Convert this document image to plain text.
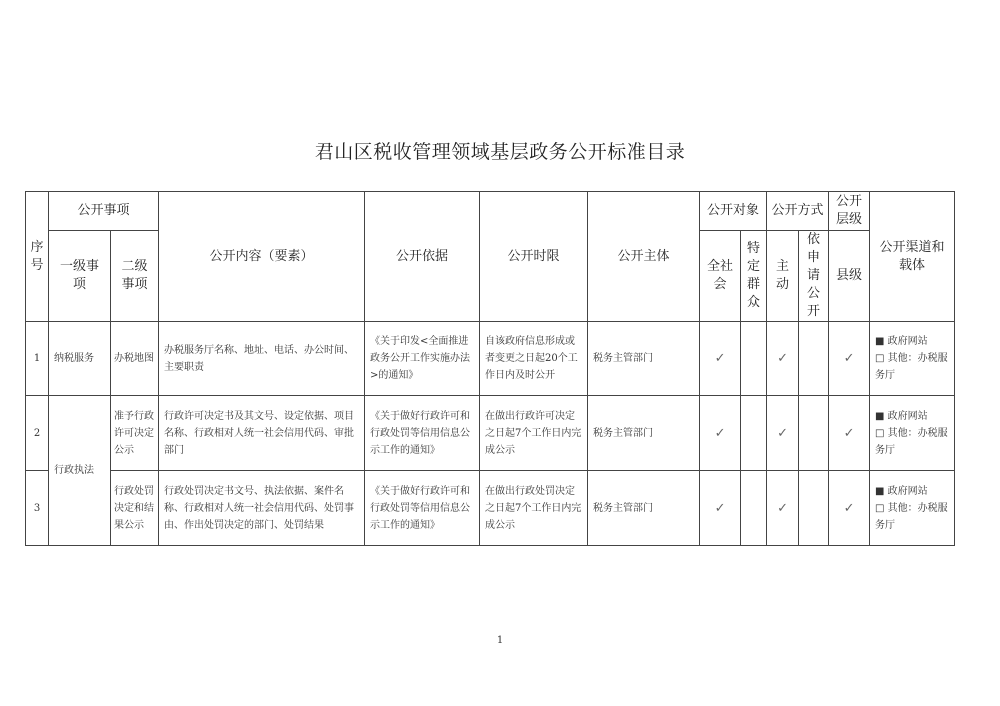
君山区税收管理领域基层政务公开标准目录
序号	公开事项		公开内容（要素）	公开依据	公开时限	公开主体	公开对象		公开方式		公开层级	公开渠道和载体
	一级事项	二级事项					全社会	特定群众	主动	依申请公开	县级	
1	纳税服务	办税地图	办税服务厅名称、地址、电话、办公时间、主要职责	《关于印发<全面推进政务公开工作实施办法>的通知》	自该政府信息形成或者变更之日起20个工作日内及时公开	税务主管部门	✓		✓		✓	■ 政府网站
□ 其他：办税服务厅

2	行政执法	准予行政许可决定公示	行政许可决定书及其文号、设定依据、项目名称、行政相对人统一社会信用代码、审批部门	《关于做好行政许可和行政处罚等信用信息公示工作的通知》	在做出行政许可决定之日起7个工作日内完成公示	税务主管部门	✓		✓		✓	■ 政府网站
□ 其他：办税服务厅

3		行政处罚决定和结果公示	行政处罚决定书文号、执法依据、案件名称、行政相对人统一社会信用代码、处罚事由、作出处罚决定的部门、处罚结果	《关于做好行政许可和行政处罚等信用信息公示工作的通知》	在做出行政处罚决定之日起7个工作日内完成公示	税务主管部门	✓		✓		✓	■ 政府网站
□ 其他：办税服务厅
1
